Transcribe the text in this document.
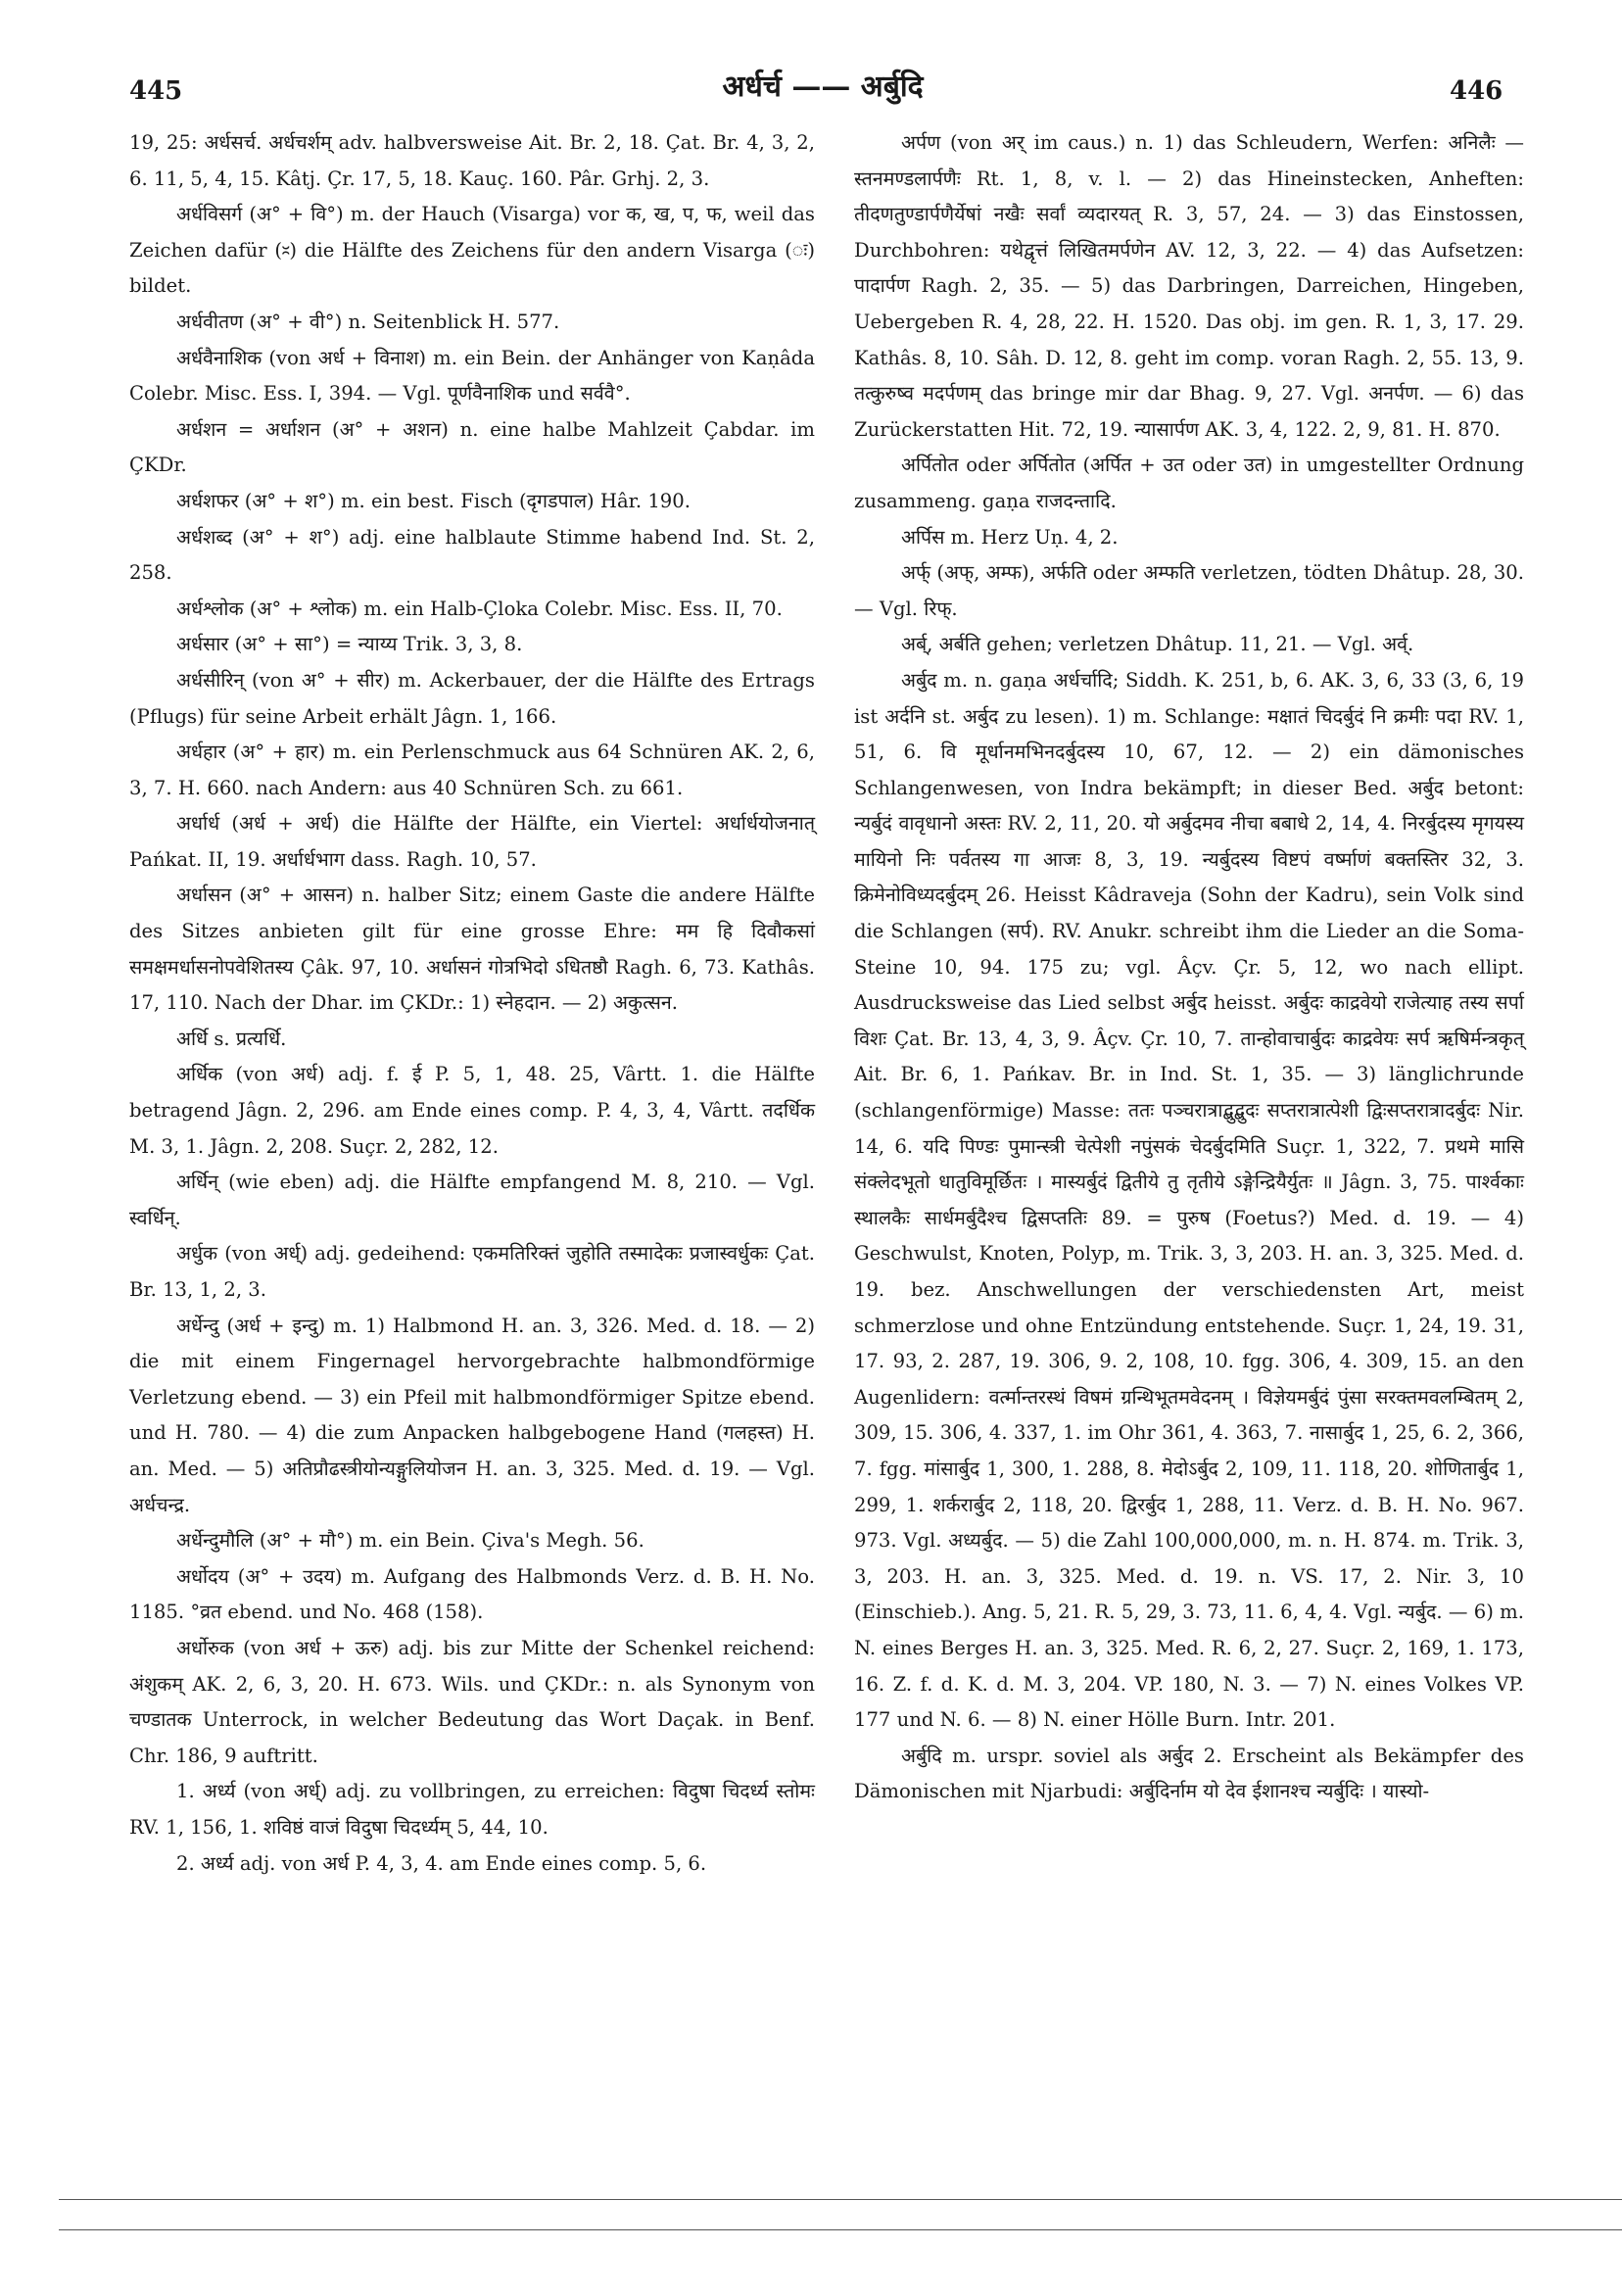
445	अर्धर्च —— अर्बुदि	446

19, 25: अर्धसर्च. अर्धचर्शम् adv. halbversweise Ait. Br. 2, 18. Çat. Br. 4, 3, 2, 6. 11, 5, 4, 15. Kâtj. Çr. 17, 5, 18. Kauç. 160. Pâr. Grhj. 2, 3.

अर्धविसर्ग (अ° + वि°) m. der Hauch (Visarga) vor क, ख, प, फ, weil das Zeichen dafür (ᳲ) die Hälfte des Zeichens für den andern Visarga (ः) bildet.

अर्धवीतण (अ° + वी°) n. Seitenblick H. 577.

अर्धवैनाशिक (von अर्ध + विनाश) m. ein Bein. der Anhänger von Kaṇâda Colebr. Misc. Ess. I, 394. — Vgl. पूर्णवैनाशिक und सर्ववै°.

अर्धशन = अर्धाशन (अ° + अशन) n. eine halbe Mahlzeit Çabdar. im ÇKDr.

अर्धशफर (अ° + श°) m. ein best. Fisch (दृगडपाल) Hâr. 190.

अर्धशब्द (अ° + श°) adj. eine halblaute Stimme habend Ind. St. 2, 258.

अर्धश्लोक (अ° + श्लोक) m. ein Halb-Çloka Colebr. Misc. Ess. II, 70.

अर्धसार (अ° + सा°) = न्याय्य Trik. 3, 3, 8.

अर्धसीरिन् (von अ° + सीर) m. Ackerbauer, der die Hälfte des Ertrags (Pflugs) für seine Arbeit erhält Jâgn. 1, 166.

अर्धहार (अ° + हार) m. ein Perlenschmuck aus 64 Schnüren AK. 2, 6, 3, 7. H. 660. nach Andern: aus 40 Schnüren Sch. zu 661.

अर्धार्ध (अर्ध + अर्ध) die Hälfte der Hälfte, ein Viertel: अर्धार्धयोजनात् Pańkat. II, 19. अर्धार्धभाग dass. Ragh. 10, 57.

अर्धासन (अ° + आसन) n. halber Sitz; einem Gaste die andere Hälfte des Sitzes anbieten gilt für eine grosse Ehre: मम हि दिवौकसां समक्षमर्धासनोपवेशितस्य Çâk. 97, 10. अर्धासनं गोत्रभिदो ऽधितष्ठौ Ragh. 6, 73. Kathâs. 17, 110. Nach der Dhar. im ÇKDr.: 1) स्नेहदान. — 2) अकुत्सन.

अर्धि s. प्रत्यर्धि.

अर्धिक (von अर्ध) adj. f. ई P. 5, 1, 48. 25, Vârtt. 1. die Hälfte betragend Jâgn. 2, 296. am Ende eines comp. P. 4, 3, 4, Vârtt. तदर्धिक M. 3, 1. Jâgn. 2, 208. Suçr. 2, 282, 12.

अर्धिन् (wie eben) adj. die Hälfte empfangend M. 8, 210. — Vgl. स्वर्धिन्.

अर्धुक (von अर्ध्) adj. gedeihend: एकमतिरिक्तं जुहोति तस्मादेकः प्रजास्वर्धुकः Çat. Br. 13, 1, 2, 3.

अर्धेन्दु (अर्ध + इन्दु) m. 1) Halbmond H. an. 3, 326. Med. d. 18. — 2) die mit einem Fingernagel hervorgebrachte halbmondförmige Verletzung ebend. — 3) ein Pfeil mit halbmondförmiger Spitze ebend. und H. 780. — 4) die zum Anpacken halbgebogene Hand (गलहस्त) H. an. Med. — 5) अतिप्रौढस्त्रीयोन्यङ्गुलियोजन H. an. 3, 325. Med. d. 19. — Vgl. अर्धचन्द्र.

अर्धेन्दुमौलि (अ° + मौ°) m. ein Bein. Çiva's Megh. 56.

अर्धोदय (अ° + उदय) m. Aufgang des Halbmonds Verz. d. B. H. No. 1185. °व्रत ebend. und No. 468 (158).

अर्धोरुक (von अर्ध + ऊरु) adj. bis zur Mitte der Schenkel reichend: अंशुकम् AK. 2, 6, 3, 20. H. 673. Wils. und ÇKDr.: n. als Synonym von चण्डातक Unterrock, in welcher Bedeutung das Wort Daçak. in Benf. Chr. 186, 9 auftritt.

1. अर्ध्य (von अर्ध्) adj. zu vollbringen, zu erreichen: विदुषा चिदर्ध्य स्तोमः RV. 1, 156, 1. शविष्ठं वाजं विदुषा चिदर्ध्यम् 5, 44, 10.

2. अर्ध्य adj. von अर्ध P. 4, 3, 4. am Ende eines comp. 5, 6.

अर्पण (von अर् im caus.) n. 1) das Schleudern, Werfen: अनिलैः — स्तनमण्डलार्पणैः Rt. 1, 8, v. l. — 2) das Hineinstecken, Anheften: तीदणतुण्डार्पणैर्येषां नखैः सर्वां व्यदारयत् R. 3, 57, 24. — 3) das Einstossen, Durchbohren: यथेद्वृत्तं लिखितमर्पणेन AV. 12, 3, 22. — 4) das Aufsetzen: पादार्पण Ragh. 2, 35. — 5) das Darbringen, Darreichen, Hingeben, Uebergeben R. 4, 28, 22. H. 1520. Das obj. im gen. R. 1, 3, 17. 29. Kathâs. 8, 10. Sâh. D. 12, 8. geht im comp. voran Ragh. 2, 55. 13, 9. तत्कुरुष्व मदर्पणम् das bringe mir dar Bhag. 9, 27. Vgl. अनर्पण. — 6) das Zurückerstatten Hit. 72, 19. न्यासार्पण AK. 3, 4, 122. 2, 9, 81. H. 870.

अर्पितोत oder अर्पितोत (अर्पित + उत oder उत) in umgestellter Ordnung zusammeng. gaṇa राजदन्तादि.

अर्पिस m. Herz Uṇ. 4, 2.

अर्फ् (अफ्, अम्फ), अर्फति oder अम्फति verletzen, tödten Dhâtup. 28, 30. — Vgl. रिफ्.

अर्ब्, अर्बति gehen; verletzen Dhâtup. 11, 21. — Vgl. अर्व्.

अर्बुद m. n. gaṇa अर्धर्चादि; Siddh. K. 251, b, 6. AK. 3, 6, 33 (3, 6, 19 ist अर्दनि st. अर्बुद zu lesen). 1) m. Schlange: मक्षातं चिदर्बुदं नि क्रमीः पदा RV. 1, 51, 6. वि मूर्धानमभिनदर्बुदस्य 10, 67, 12. — 2) ein dämonisches Schlangenwesen, von Indra bekämpft; in dieser Bed. अर्बुद betont: न्यर्बुदं वावृधानो अस्तः RV. 2, 11, 20. यो अर्बुदमव नीचा बबाधे 2, 14, 4. निरर्बुदस्य मृगयस्य मायिनो निः पर्वतस्य गा आजः 8, 3, 19. न्यर्बुदस्य विष्टपं वर्ष्माणं बक्तस्तिर 32, 3. क्रिमेनोविध्यदर्बुदम् 26. Heisst Kâdraveja (Sohn der Kadru), sein Volk sind die Schlangen (सर्प). RV. Anukr. schreibt ihm die Lieder an die Soma-Steine 10, 94. 175 zu; vgl. Âçv. Çr. 5, 12, wo nach ellipt. Ausdrucksweise das Lied selbst अर्बुद heisst. अर्बुदः काद्रवेयो राजेत्याह तस्य सर्पा विशः Çat. Br. 13, 4, 3, 9. Âçv. Çr. 10, 7. तान्होवाचार्बुदः काद्रवेयः सर्प ऋषिर्मन्त्रकृत् Ait. Br. 6, 1. Pańkav. Br. in Ind. St. 1, 35. — 3) länglichrunde (schlangenförmige) Masse: ततः पञ्चरात्राद्बुद्बुदः सप्तरात्रात्पेशी द्विःसप्तरात्रादर्बुदः Nir. 14, 6. यदि पिण्डः पुमान्स्त्री चेत्पेशी नपुंसकं चेदर्बुदमिति Suçr. 1, 322, 7. प्रथमे मासि संक्लेदभूतो धातुविमूर्छितः । मास्यर्बुदं द्वितीये तु तृतीये ऽङ्गेन्द्रियैर्युतः ॥ Jâgn. 3, 75. पार्श्वकाः स्थालकैः सार्धमर्बुदैश्च द्विसप्ततिः 89. = पुरुष (Foetus?) Med. d. 19. — 4) Geschwulst, Knoten, Polyp, m. Trik. 3, 3, 203. H. an. 3, 325. Med. d. 19. bez. Anschwellungen der verschiedensten Art, meist schmerzlose und ohne Entzündung entstehende. Suçr. 1, 24, 19. 31, 17. 93, 2. 287, 19. 306, 9. 2, 108, 10. fgg. 306, 4. 309, 15. an den Augenlidern: वर्त्मान्तरस्थं विषमं ग्रन्थिभूतमवेदनम् । विज्ञेयमर्बुदं पुंसा सरक्तमवलम्बितम् 2, 309, 15. 306, 4. 337, 1. im Ohr 361, 4. 363, 7. नासार्बुद 1, 25, 6. 2, 366, 7. fgg. मांसार्बुद 1, 300, 1. 288, 8. मेदोऽर्बुद 2, 109, 11. 118, 20. शोणितार्बुद 1, 299, 1. शर्करार्बुद 2, 118, 20. द्विरर्बुद 1, 288, 11. Verz. d. B. H. No. 967. 973. Vgl. अध्यर्बुद. — 5) die Zahl 100,000,000, m. n. H. 874. m. Trik. 3, 3, 203. H. an. 3, 325. Med. d. 19. n. VS. 17, 2. Nir. 3, 10 (Einschieb.). Ang. 5, 21. R. 5, 29, 3. 73, 11. 6, 4, 4. Vgl. न्यर्बुद. — 6) m. N. eines Berges H. an. 3, 325. Med. R. 6, 2, 27. Suçr. 2, 169, 1. 173, 16. Z. f. d. K. d. M. 3, 204. VP. 180, N. 3. — 7) N. eines Volkes VP. 177 und N. 6. — 8) N. einer Hölle Burn. Intr. 201.

अर्बुदि m. urspr. soviel als अर्बुद 2. Erscheint als Bekämpfer des Dämonischen mit Njarbudi: अर्बुदिर्नाम यो देव ईशानश्च न्यर्बुदिः । यास्यो-
